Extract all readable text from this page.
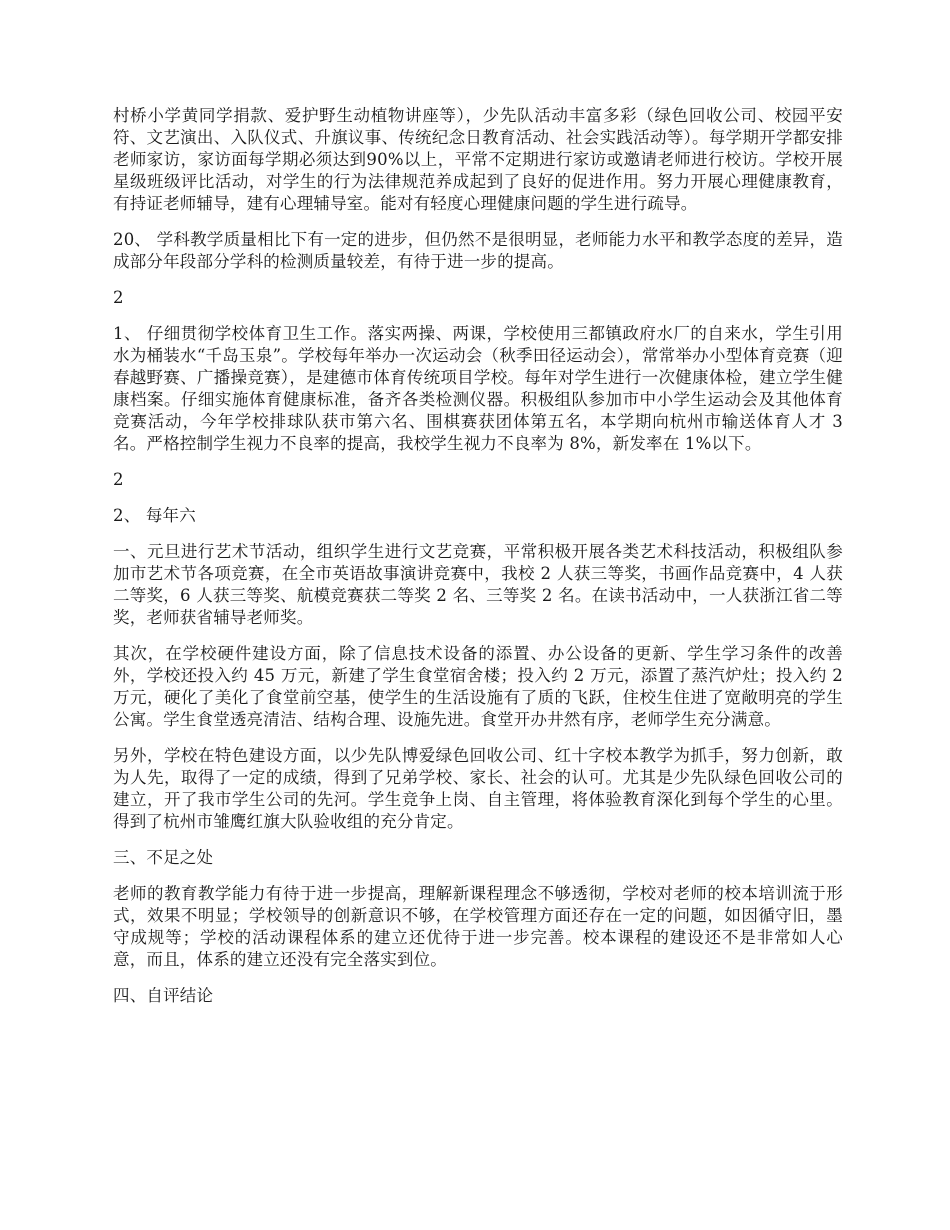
村桥小学黄同学捐款、爱护野生动植物讲座等），少先队活动丰富多彩（绿色回收公司、校园平安符、文艺演出、入队仪式、升旗议事、传统纪念日教育活动、社会实践活动等）。每学期开学都安排老师家访，家访面每学期必须达到90%以上，平常不定期进行家访或邀请老师进行校访。学校开展星级班级评比活动，对学生的行为法律规范养成起到了良好的促进作用。努力开展心理健康教育，有持证老师辅导，建有心理辅导室。能对有轻度心理健康问题的学生进行疏导。

20、 学科教学质量相比下有一定的进步，但仍然不是很明显，老师能力水平和教学态度的差异，造成部分年段部分学科的检测质量较差，有待于进一步的提高。

2

1、 仔细贯彻学校体育卫生工作。落实两操、两课，学校使用三都镇政府水厂的自来水，学生引用水为桶装水“千岛玉泉”。学校每年举办一次运动会（秋季田径运动会），常常举办小型体育竞赛（迎春越野赛、广播操竞赛），是建德市体育传统项目学校。每年对学生进行一次健康体检，建立学生健康档案。仔细实施体育健康标准，备齐各类检测仪器。积极组队参加市中小学生运动会及其他体育竞赛活动，今年学校排球队获市第六名、围棋赛获团体第五名，本学期向杭州市输送体育人才 3 名。严格控制学生视力不良率的提高，我校学生视力不良率为 8%，新发率在 1%以下。

2

2、 每年六

一、元旦进行艺术节活动，组织学生进行文艺竞赛，平常积极开展各类艺术科技活动，积极组队参加市艺术节各项竞赛，在全市英语故事演讲竞赛中，我校 2 人获三等奖，书画作品竞赛中，4 人获二等奖，6 人获三等奖、航模竞赛获二等奖 2 名、三等奖 2 名。在读书活动中，一人获浙江省二等奖，老师获省辅导老师奖。

其次，在学校硬件建设方面，除了信息技术设备的添置、办公设备的更新、学生学习条件的改善外，学校还投入约 45 万元，新建了学生食堂宿舍楼；投入约 2 万元，添置了蒸汽炉灶；投入约 2 万元，硬化了美化了食堂前空基，使学生的生活设施有了质的飞跃，住校生住进了宽敞明亮的学生公寓。学生食堂透亮清洁、结构合理、设施先进。食堂开办井然有序，老师学生充分满意。

另外，学校在特色建设方面，以少先队博爱绿色回收公司、红十字校本教学为抓手，努力创新，敢为人先，取得了一定的成绩，得到了兄弟学校、家长、社会的认可。尤其是少先队绿色回收公司的建立，开了我市学生公司的先河。学生竞争上岗、自主管理，将体验教育深化到每个学生的心里。得到了杭州市雏鹰红旗大队验收组的充分肯定。

三、不足之处

老师的教育教学能力有待于进一步提高，理解新课程理念不够透彻，学校对老师的校本培训流于形式，效果不明显；学校领导的创新意识不够，在学校管理方面还存在一定的问题，如因循守旧，墨守成规等；学校的活动课程体系的建立还优待于进一步完善。校本课程的建设还不是非常如人心意，而且，体系的建立还没有完全落实到位。

四、自评结论
